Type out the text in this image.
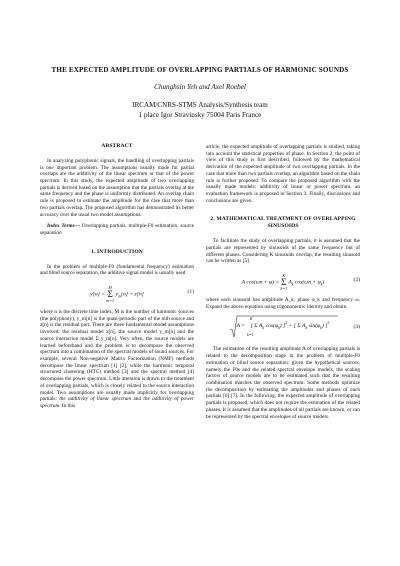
THE EXPECTED AMPLITUDE OF OVERLAPPING PARTIALS OF HARMONIC SOUNDS
Chunghsin Yeh and Axel Roebel
IRCAM/CNRS-STMS Analysis/Synthesis team
1 place Igor Stravinsky 75004 Paris France
ABSTRACT

In analyzing polyphonic signals, the handling of overlapping partials is one important problem. The assumptions usually made for partial overlaps are the additivity of the linear spectrum or that of the power spectrum. In this study, the expected amplitude of two overlapping partials is derived based on the assumption that the partials overlap at the same frequency and the phase is uniformly distributed. An overlap chain rule is proposed to estimate the amplitude for the case that more than two partials overlap. The proposed algorithm has demonstrated its better accuracy over the usual two model assumptions.

Index Terms— Overlapping partials, multiple-F0 estimation, source separation

1. INTRODUCTION

In the problem of multiple-F0 (fundamental frequency) estimation and blind source separation, the additive signal model is usually used

y[n] =
M
Σ
m=1
$y_m[n] + z[n]$	(1)

where n is the discrete time index, M is the number of harmonic sources (the polyphony), y_m[n] is the quasi-periodic part of the mth source and z[n] is the residual part. There are three fundamental model assumptions involved: the residual model z[n], the source model y_m[n] and the source interaction model Σ y_m[n]. Very often, the source models are learned beforehand and the problem is to decompose the observed spectrum into a combination of the spectral models of sound sources. For example, several Non-negative Matrix Factorization (NMF) methods decompose the linear spectrum [1] [2], while the harmonic temporal structured clustering (HTC) method [3] and the spectral method [4] decompose the power spectrum. Little attention is drawn to the treatment of overlapping partials, which is closely related to the source interaction model. Two assumptions are usually made implicitly for overlapping partials: the additivity of linear spectrum and the additivity of power spectrum. In this

article, the expected amplitude of overlapping partials is studied, taking into account the statistical properties of phase. In Section 2, the point of view of this study is first described, followed by the mathematical derivation of the expected amplitude of two overlapping partials. In the case that more than two partials overlap, an algorithm based on the chain rule is further proposed. To compare the proposed algorithm with the usually made models: additivity of linear or power spectrum, an evaluation framework is proposed in Section 3. Finally, discussions and conclusions are given.

2. MATHEMATICAL TREATMENT OF OVERLAPPING SINUSOIDS

To facilitate the study of overlapping partials, it is assumed that the partials are represented by sinusoids of the same frequency but of different phases. Considering K sinusoids overlap, the resulting sinusoid can be written as [5]

A cos(ωn + φ) =
K
Σ
k=1
$A_k$ $\cos(\omega n + \varphi_k)$	(2)

where each sinusoid has amplitude A_k, phase φ_k and frequency ω. Expand the above equation using trigonometric identity and obtain

A =    [ Σ $A_k$ $\cos(\varphi_k) ]^2$ + [ Σ $A_k$ $\sin(\varphi_k)$ ]$^2$
K
k=1
(3)

The estimation of the resulting amplitude A of overlapping partials is related to the decomposition stage in the problem of multiple-F0 estimation or blind source separation: given the hypothetical sources, namely the F0s and the related spectral envelope models, the scaling factors of source models are to be estimated such that the resulting combination matches the observed spectrum. Some methods optimize the decomposition by estimating the amplitudes and phases of each partials [6] [7]. In the following, the expected amplitude of overlapping partials is proposed, which does not require the estimation of the related phases. It is assumed that the amplitudes of all partials are known, or can be represented by the spectral envelopes of source models.
